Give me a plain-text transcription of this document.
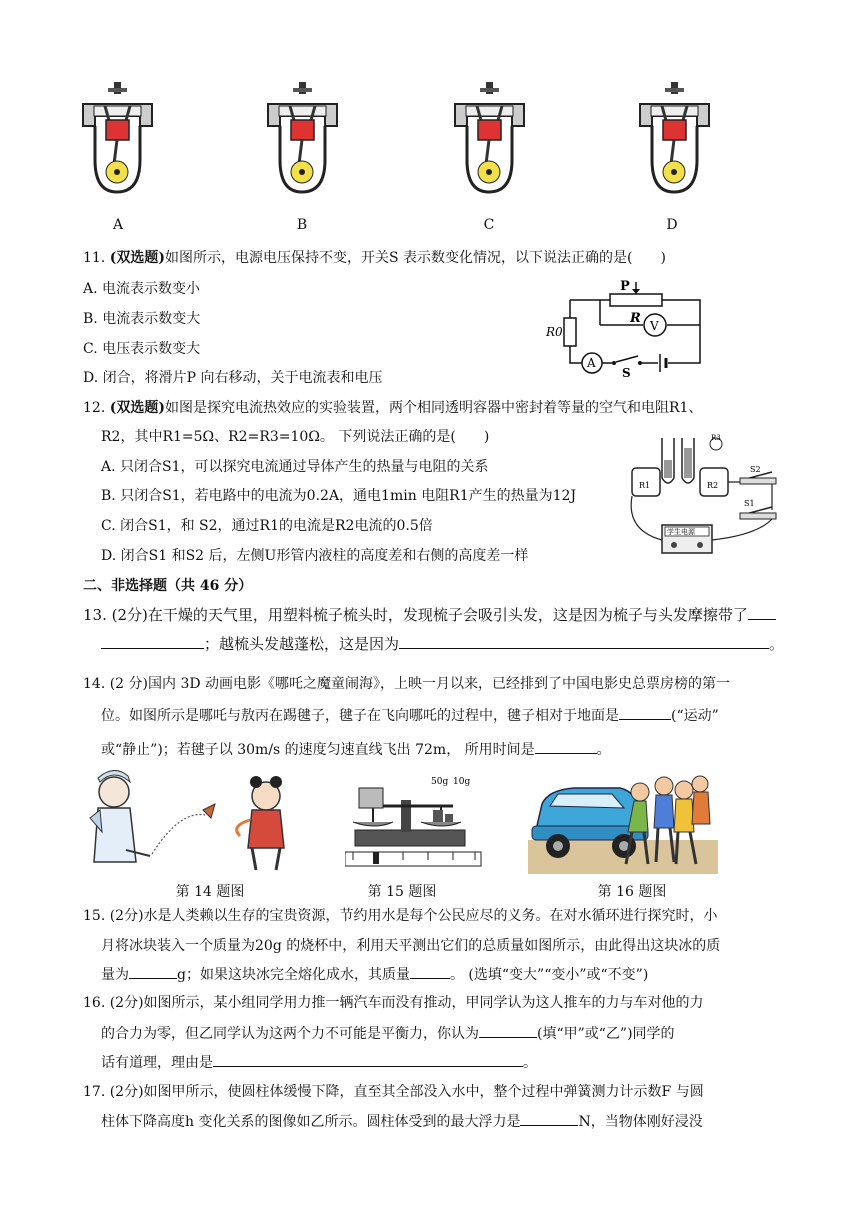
A	B	C	D
11. (双选题)如图所示，电源电压保持不变，开关S 表示数变化情况，以下说法正确的是(　　)
A. 电流表示数变小
B. 电流表示数变大
C. 电压表示数变大
D. 闭合，将滑片P 向右移动，关于电流表和电压
P
R V
R0
A
S
12. (双选题)如图是探究电流热效应的实验装置，两个相同透明容器中密封着等量的空气和电阻R1、
R2，其中R1=5Ω、R2=R3=10Ω。 下列说法正确的是(　　)
A. 只闭合S1，可以探究电流通过导体产生的热量与电阻的关系
B. 只闭合S1，若电路中的电流为0.2A，通电1min 电阻R1产生的热量为12J
C. 闭合S1，和 S2，通过R1的电流是R2电流的0.5倍
D. 闭合S1 和S2 后，左侧U形管内液柱的高度差和右侧的高度差一样
R1	R2
R3
S2
S1
学生电源
二、非选择题（共 46 分）
13. (2分)在干燥的天气里，用塑料梳子梳头时，发现梳子会吸引头发，这是因为梳子与头发摩擦带了
；越梳头发越蓬松，这是因为	。
14. (2 分)国内 3D 动画电影《哪吒之魔童闹海》，上映一月以来，已经排到了中国电影史总票房榜的第一
位。如图所示是哪吒与敖丙在踢毽子，毽子在飞向哪吒的过程中，毽子相对于地面是	(“运动”
或“静止”)；若毽子以 30m/s 的速度匀速直线飞出 72m， 所用时间是	。
50g 10g
第 14 题图	第 15 题图	第 16 题图
15. (2分)水是人类赖以生存的宝贵资源，节约用水是每个公民应尽的义务。在对水循环进行探究时，小
月将冰块装入一个质量为20g 的烧杯中，利用天平测出它们的总质量如图所示，由此得出这块冰的质
量为	g；如果这块冰完全熔化成水，其质量	。 (选填“变大”“变小”或“不变”)
16. (2分)如图所示，某小组同学用力推一辆汽车而没有推动，甲同学认为这人推车的力与车对他的力
的合力为零，但乙同学认为这两个力不可能是平衡力，你认为	(填“甲”或“乙”)同学的
话有道理，理由是	。
17. (2分)如图甲所示，使圆柱体缓慢下降，直至其全部没入水中，整个过程中弹簧测力计示数F 与圆
柱体下降高度h 变化关系的图像如乙所示。圆柱体受到的最大浮力是	N，当物体刚好浸没
